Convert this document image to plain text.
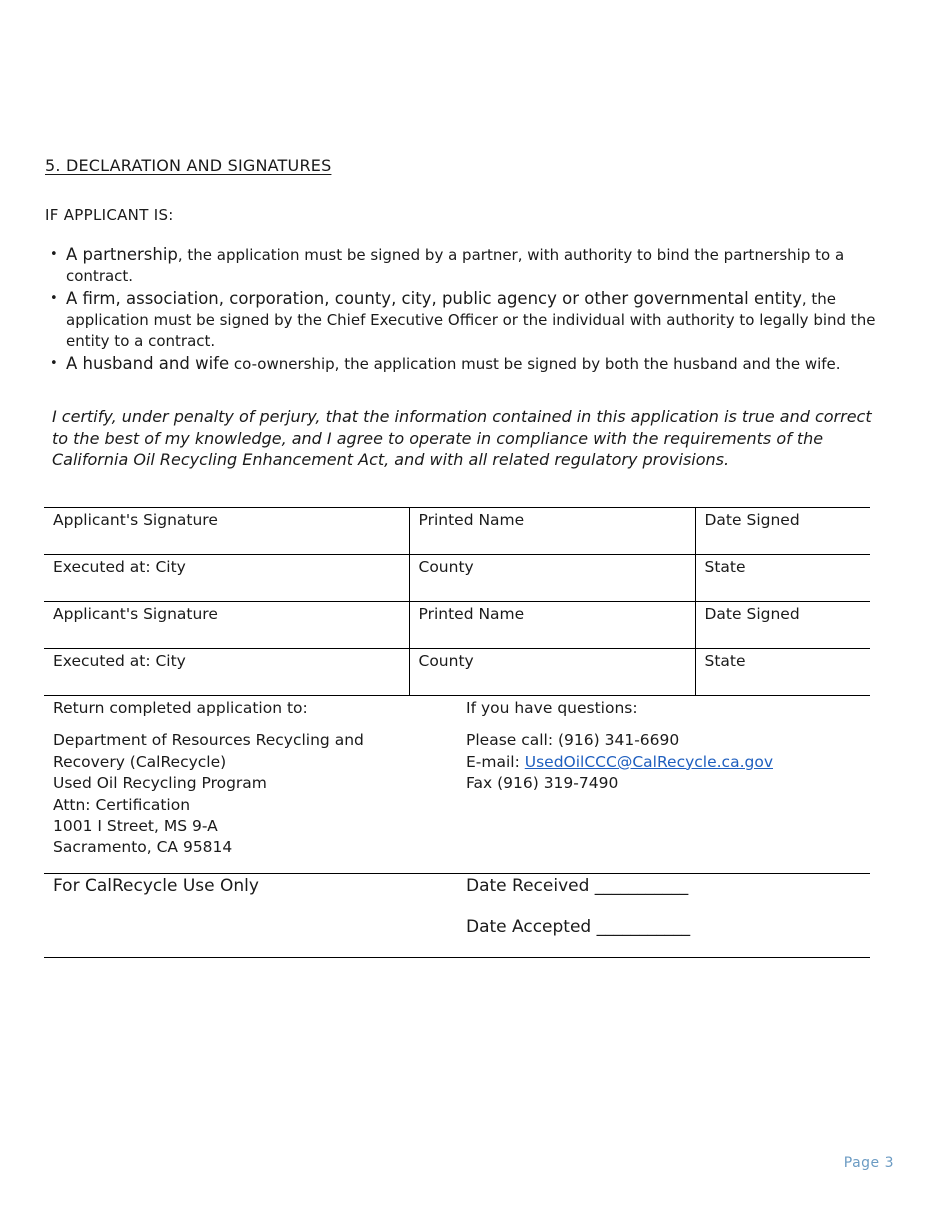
5. DECLARATION AND SIGNATURES
IF APPLICANT IS:
• A partnership, the application must be signed by a partner, with authority to bind the partnership to a contract.
• A firm, association, corporation, county, city, public agency or other governmental entity, the application must be signed by the Chief Executive Officer or the individual with authority to legally bind the entity to a contract.
• A husband and wife co-ownership, the application must be signed by both the husband and the wife.
I certify, under penalty of perjury, that the information contained in this application is true and correct to the best of my knowledge, and I agree to operate in compliance with the requirements of the California Oil Recycling Enhancement Act, and with all related regulatory provisions.
Applicant's Signature	Printed Name	Date Signed
Executed at: City	County	State
Applicant's Signature	Printed Name	Date Signed
Executed at: City	County	State
Return completed application to:
Department of Resources Recycling and
Recovery (CalRecycle)
Used Oil Recycling Program
Attn: Certification
1001 I Street, MS 9-A
Sacramento, CA 95814
If you have questions:
Please call: (916) 341-6690
E-mail: UsedOilCCC@CalRecycle.ca.gov
Fax (916) 319-7490
For CalRecycle Use Only	Date Received ___________
Date Accepted ___________
Page 3
